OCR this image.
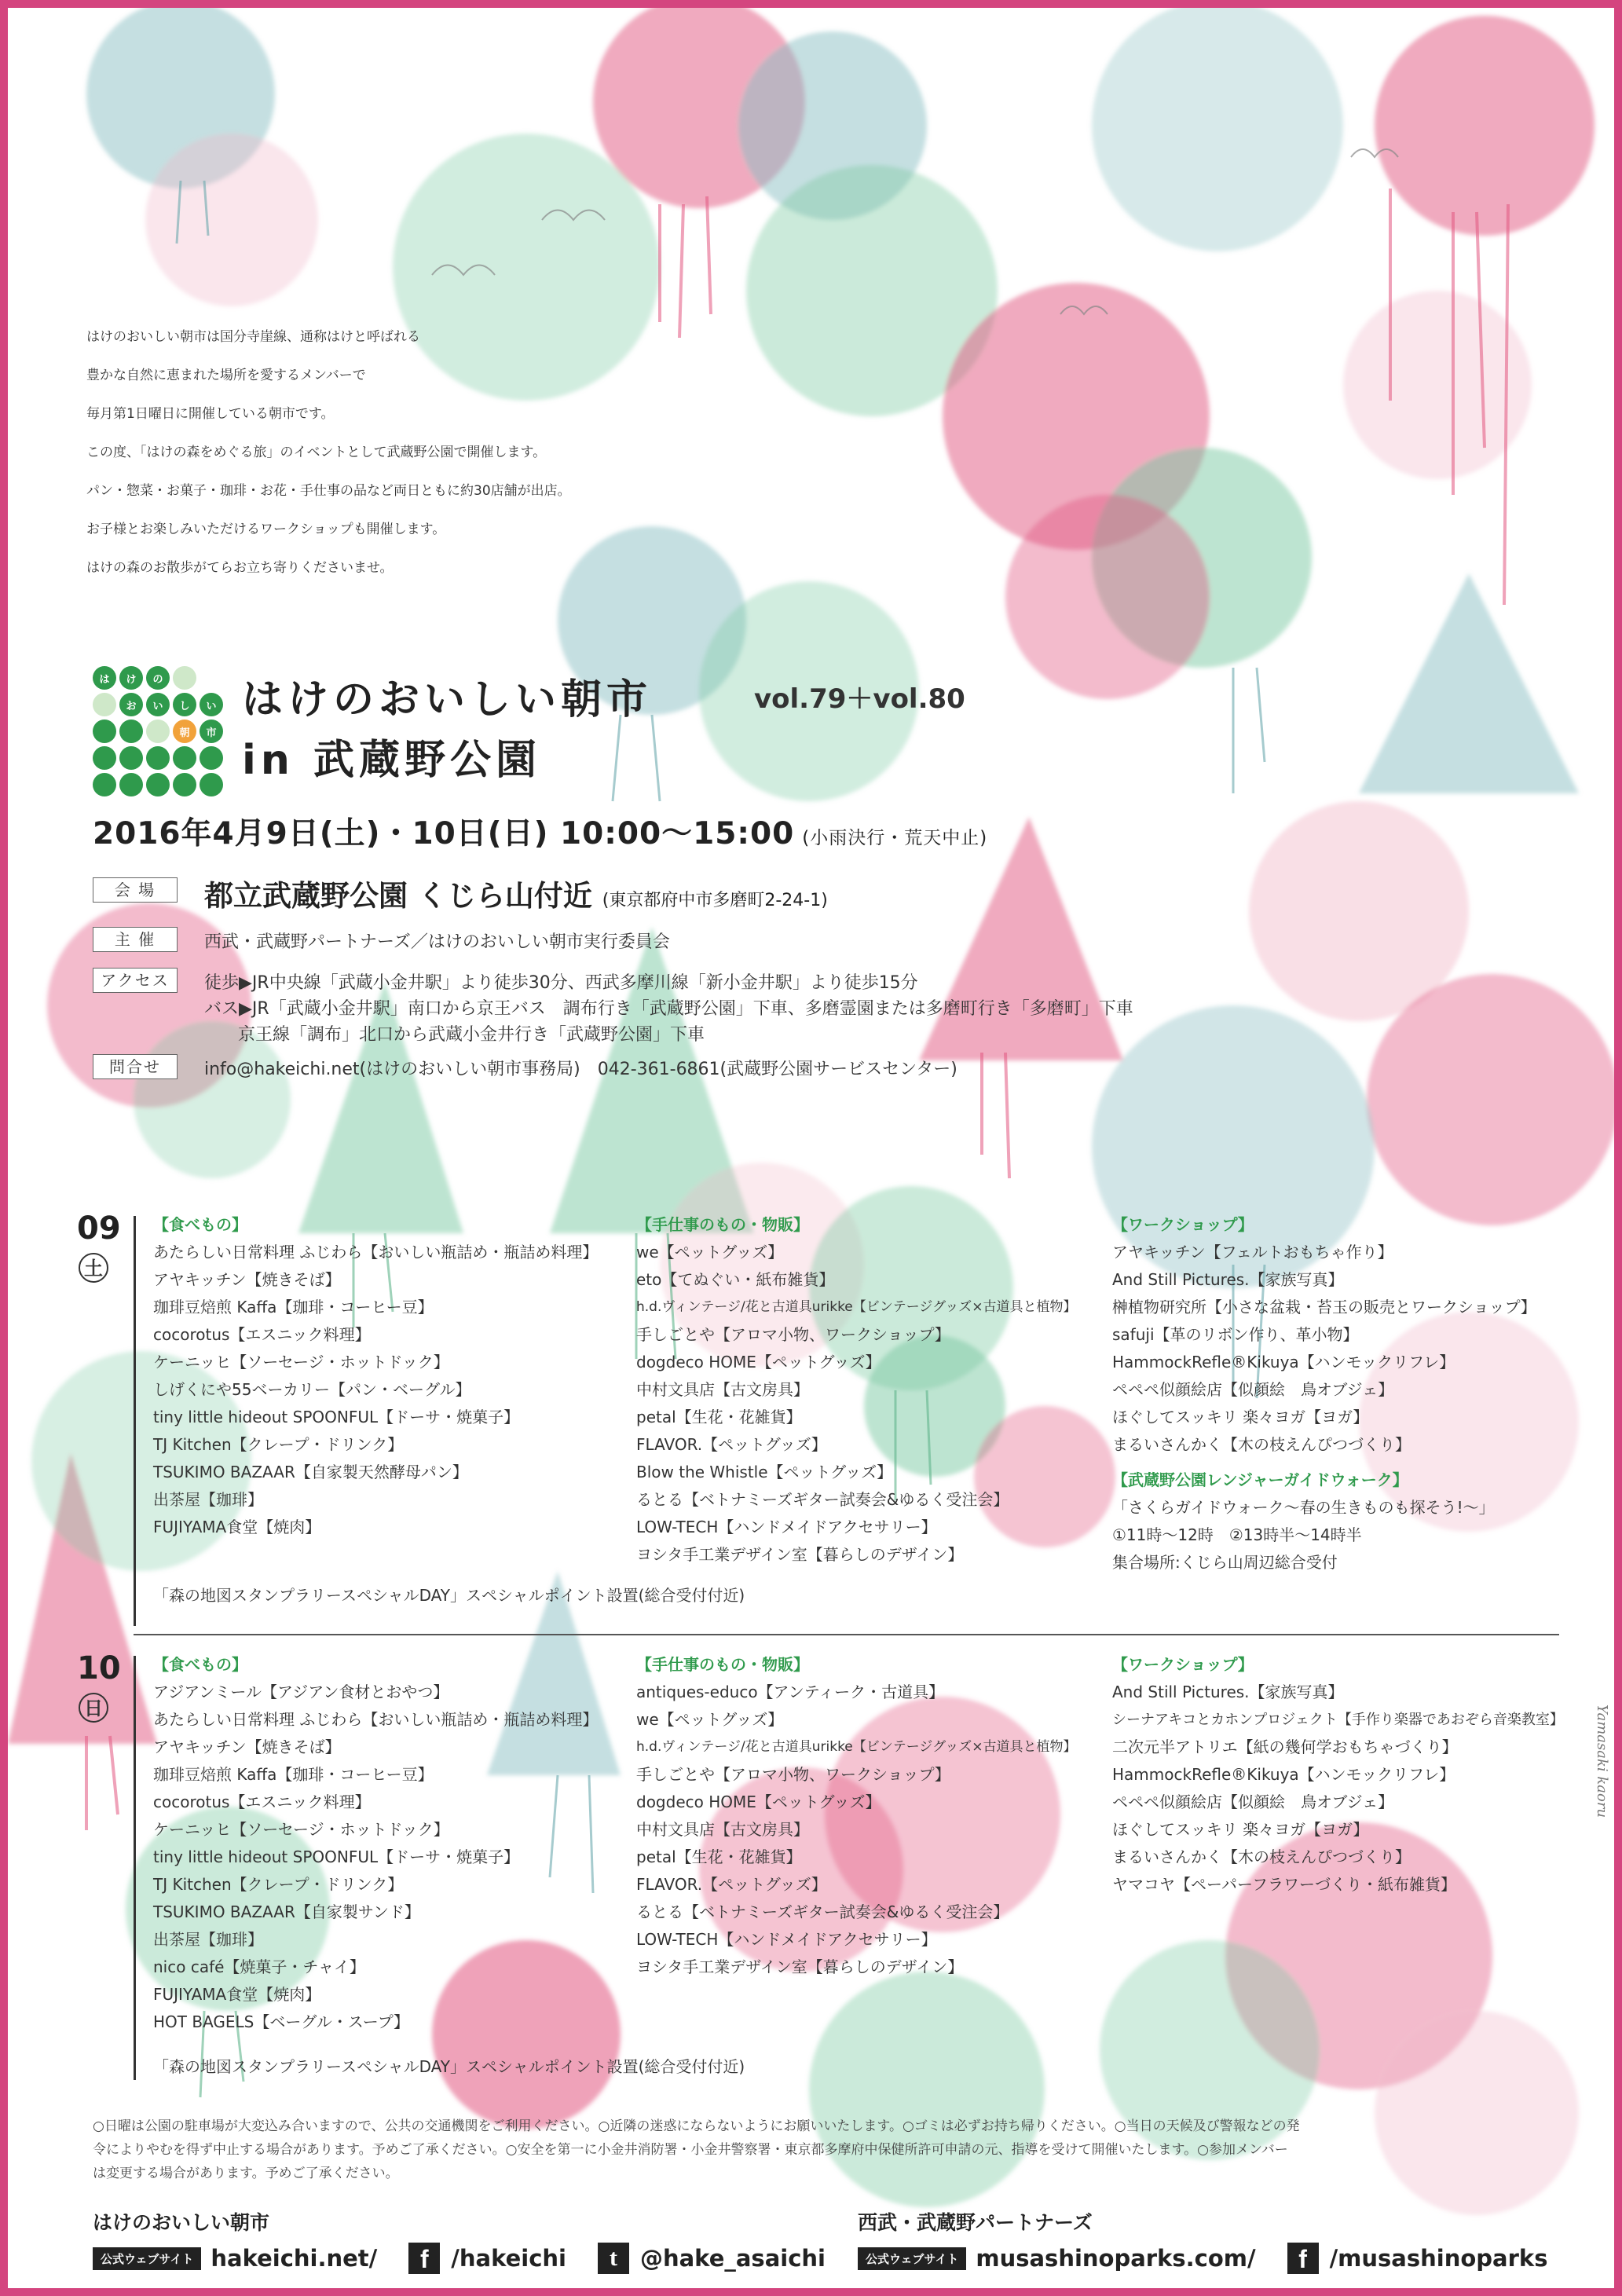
はけのおいしい朝市は国分寺崖線、通称はけと呼ばれる

豊かな自然に恵まれた場所を愛するメンバーで

毎月第1日曜日に開催している朝市です。

この度、「はけの森をめぐる旅」のイベントとして武蔵野公園で開催します。

パン・惣菜・お菓子・珈琲・お花・手仕事の品など両日ともに約30店舗が出店。

お子様とお楽しみいただけるワークショップも開催します。

はけの森のお散歩がてらお立ち寄りくださいませ。

は	け	の
お	い	し	い
朝	市
はけのおいしい朝市	vol.79＋vol.80
in 武蔵野公園
2016年4月9日(土)・10日(日) 10:00〜15:00 (小雨決行・荒天中止)
会 場	都立武蔵野公園 くじら山付近 (東京都府中市多磨町2-24-1)
主 催	西武・武蔵野パートナーズ／はけのおいしい朝市実行委員会
アクセス	徒歩▶JR中央線「武蔵小金井駅」より徒歩30分、西武多摩川線「新小金井駅」より徒歩15分
バス▶JR「武蔵小金井駅」南口から京王バス　調布行き「武蔵野公園」下車、多磨霊園または多磨町行き「多磨町」下車
京王線「調布」北口から武蔵小金井行き「武蔵野公園」下車
問合せ	info@hakeichi.net(はけのおいしい朝市事務局)　042-361-6861(武蔵野公園サービスセンター)
09
土
【食べもの】
あたらしい日常料理 ふじわら【おいしい瓶詰め・瓶詰め料理】
アヤキッチン【焼きそば】
珈琲豆焙煎 Kaffa【珈琲・コーヒー豆】
cocorotus【エスニック料理】
ケーニッヒ【ソーセージ・ホットドック】
しげくにや55ベーカリー【パン・ベーグル】
tiny little hideout SPOONFUL【ドーサ・焼菓子】
TJ Kitchen【クレープ・ドリンク】
TSUKIMO BAZAAR【自家製天然酵母パン】
出茶屋【珈琲】
FUJIYAMA食堂【焼肉】
【手仕事のもの・物販】
we【ペットグッズ】
eto【てぬぐい・紙布雑貨】
h.d.ヴィンテージ/花と古道具urikke【ビンテージグッズ×古道具と植物】
手しごとや【アロマ小物、ワークショップ】
dogdeco HOME【ペットグッズ】
中村文具店【古文房具】
petal【生花・花雑貨】
FLAVOR.【ペットグッズ】
Blow the Whistle【ペットグッズ】
るとる【ベトナミーズギター試奏会&ゆるく受注会】
LOW-TECH【ハンドメイドアクセサリー】
ヨシタ手工業デザイン室【暮らしのデザイン】
【ワークショップ】
アヤキッチン【フェルトおもちゃ作り】
And Still Pictures.【家族写真】
榊植物研究所【小さな盆栽・苔玉の販売とワークショップ】
safuji【革のリボン作り、革小物】
HammockRefle®Kikuya【ハンモックリフレ】
ペペペ似顔絵店【似顔絵　鳥オブジェ】
ほぐしてスッキリ 楽々ヨガ【ヨガ】
まるいさんかく【木の枝えんぴつづくり】
【武蔵野公園レンジャーガイドウォーク】
「さくらガイドウォーク〜春の生きものも探そう!〜」
①11時〜12時　②13時半〜14時半
集合場所:くじら山周辺総合受付
「森の地図スタンプラリースペシャルDAY」スペシャルポイント設置(総合受付付近)
10
日
【食べもの】
アジアンミール【アジアン食材とおやつ】
あたらしい日常料理 ふじわら【おいしい瓶詰め・瓶詰め料理】
アヤキッチン【焼きそば】
珈琲豆焙煎 Kaffa【珈琲・コーヒー豆】
cocorotus【エスニック料理】
ケーニッヒ【ソーセージ・ホットドック】
tiny little hideout SPOONFUL【ドーサ・焼菓子】
TJ Kitchen【クレープ・ドリンク】
TSUKIMO BAZAAR【自家製サンド】
出茶屋【珈琲】
nico café【焼菓子・チャイ】
FUJIYAMA食堂【焼肉】
HOT BAGELS【ベーグル・スープ】
【手仕事のもの・物販】
antiques-educo【アンティーク・古道具】
we【ペットグッズ】
h.d.ヴィンテージ/花と古道具urikke【ビンテージグッズ×古道具と植物】
手しごとや【アロマ小物、ワークショップ】
dogdeco HOME【ペットグッズ】
中村文具店【古文房具】
petal【生花・花雑貨】
FLAVOR.【ペットグッズ】
るとる【ベトナミーズギター試奏会&ゆるく受注会】
LOW-TECH【ハンドメイドアクセサリー】
ヨシタ手工業デザイン室【暮らしのデザイン】
【ワークショップ】
And Still Pictures.【家族写真】
シーナアキコとカホンプロジェクト【手作り楽器であおぞら音楽教室】
二次元半アトリエ【紙の幾何学おもちゃづくり】
HammockRefle®Kikuya【ハンモックリフレ】
ペペペ似顔絵店【似顔絵　鳥オブジェ】
ほぐしてスッキリ 楽々ヨガ【ヨガ】
まるいさんかく【木の枝えんぴつづくり】
ヤマコヤ【ペーパーフラワーづくり・紙布雑貨】
「森の地図スタンプラリースペシャルDAY」スペシャルポイント設置(総合受付付近)
Yamasaki kaoru
○日曜は公園の駐車場が大変込み合いますので、公共の交通機関をご利用ください。○近隣の迷惑にならないようにお願いいたします。○ゴミは必ずお持ち帰りください。○当日の天候及び警報などの発
令によりやむを得ず中止する場合があります。予めご了承ください。○安全を第一に小金井消防署・小金井警察署・東京都多摩府中保健所許可申請の元、指導を受けて開催いたします。○参加メンバー
は変更する場合があります。予めご了承ください。
はけのおいしい朝市
公式ウェブサイト hakeichi.net/	f /hakeichi	t	@hake_asaichi
西武・武蔵野パートナーズ
公式ウェブサイト musashinoparks.com/	f /musashinoparks
